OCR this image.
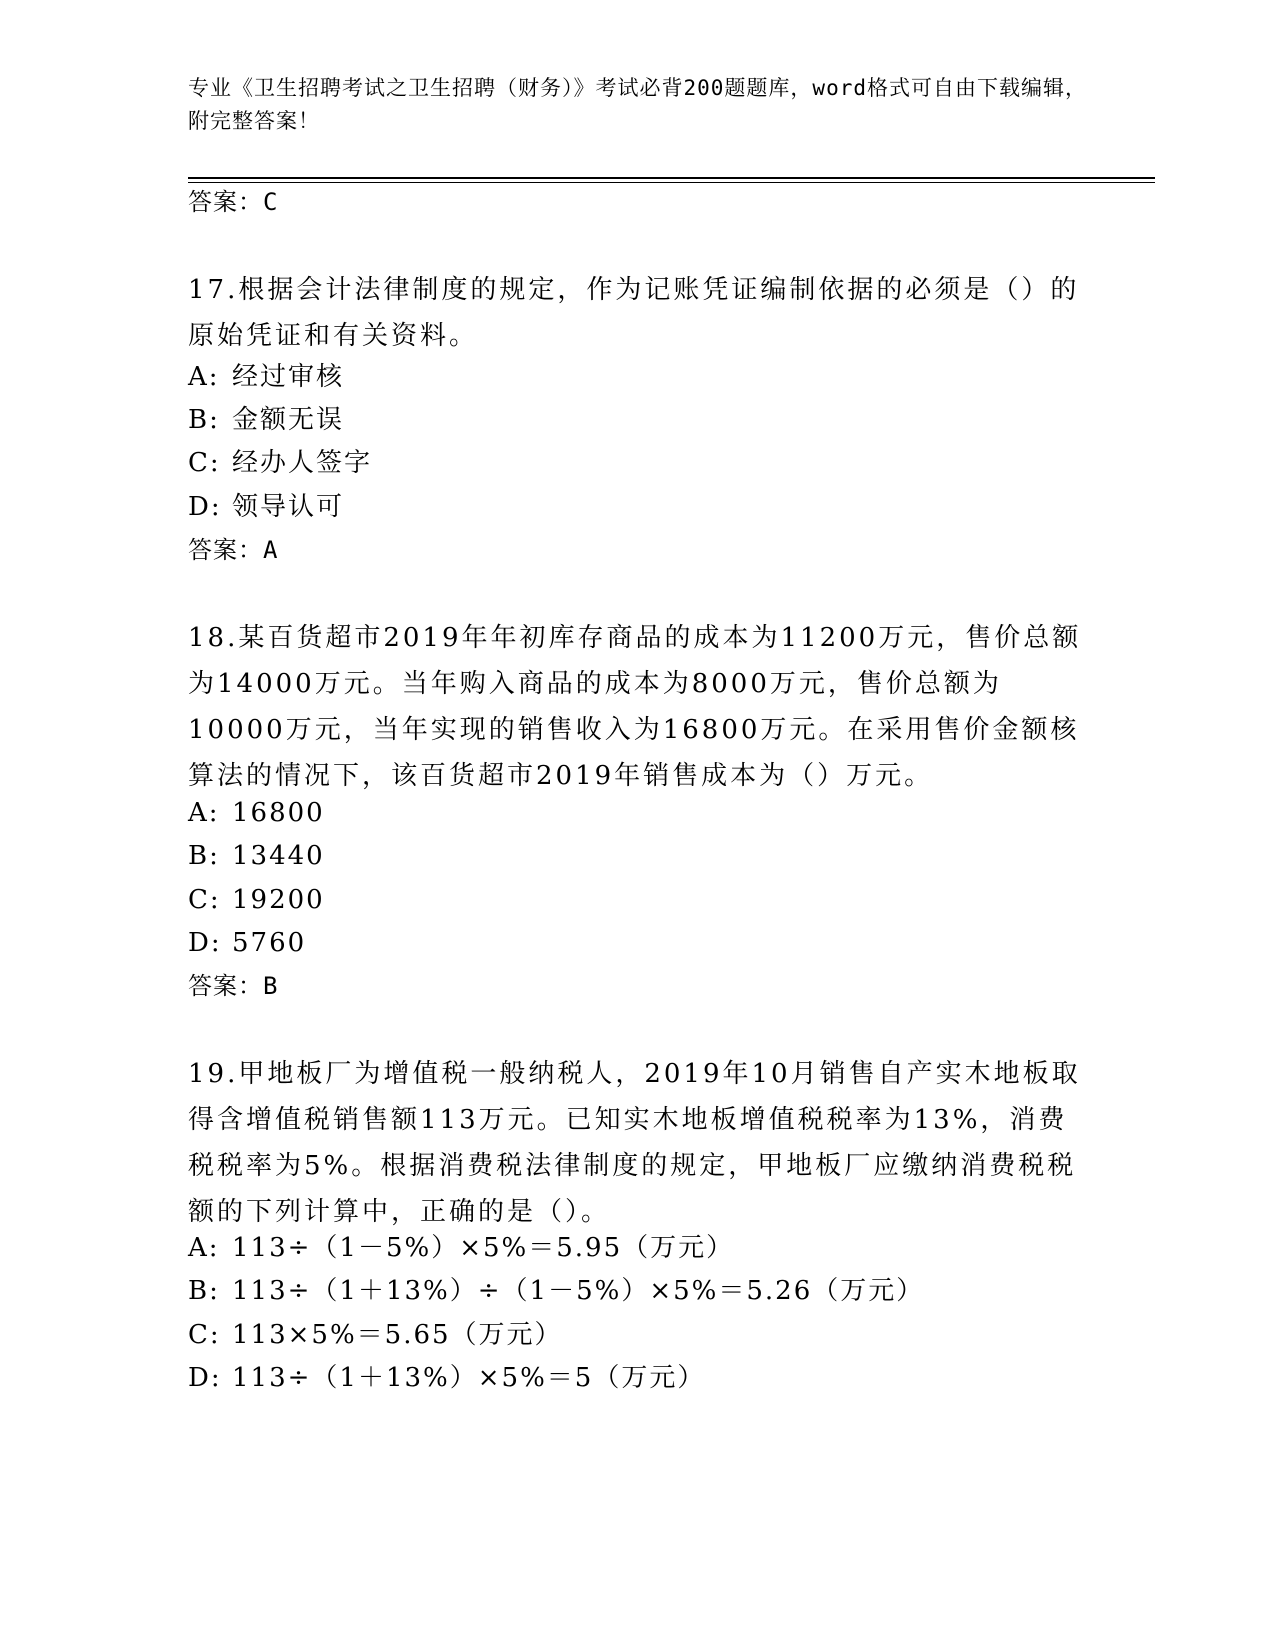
专业《卫生招聘考试之卫生招聘（财务）》考试必背200题题库，word格式可自由下载编辑，附完整答案！
答案：C
17.根据会计法律制度的规定，作为记账凭证编制依据的必须是（）的原始凭证和有关资料。
A: 经过审核
B: 金额无误
C: 经办人签字
D: 领导认可
答案：A
18.某百货超市2019年年初库存商品的成本为11200万元，售价总额为14000万元。当年购入商品的成本为8000万元，售价总额为10000万元，当年实现的销售收入为16800万元。在采用售价金额核算法的情况下，该百货超市2019年销售成本为（）万元。
A: 16800
B: 13440
C: 19200
D: 5760
答案：B
19.甲地板厂为增值税一般纳税人，2019年10月销售自产实木地板取得含增值税销售额113万元。已知实木地板增值税税率为13%，消费税税率为5%。根据消费税法律制度的规定，甲地板厂应缴纳消费税税额的下列计算中，正确的是（）。
A: 113÷（1－5%）×5%＝5.95（万元）
B: 113÷（1＋13%）÷（1－5%）×5%＝5.26（万元）
C: 113×5%＝5.65（万元）
D: 113÷（1＋13%）×5%＝5（万元）
